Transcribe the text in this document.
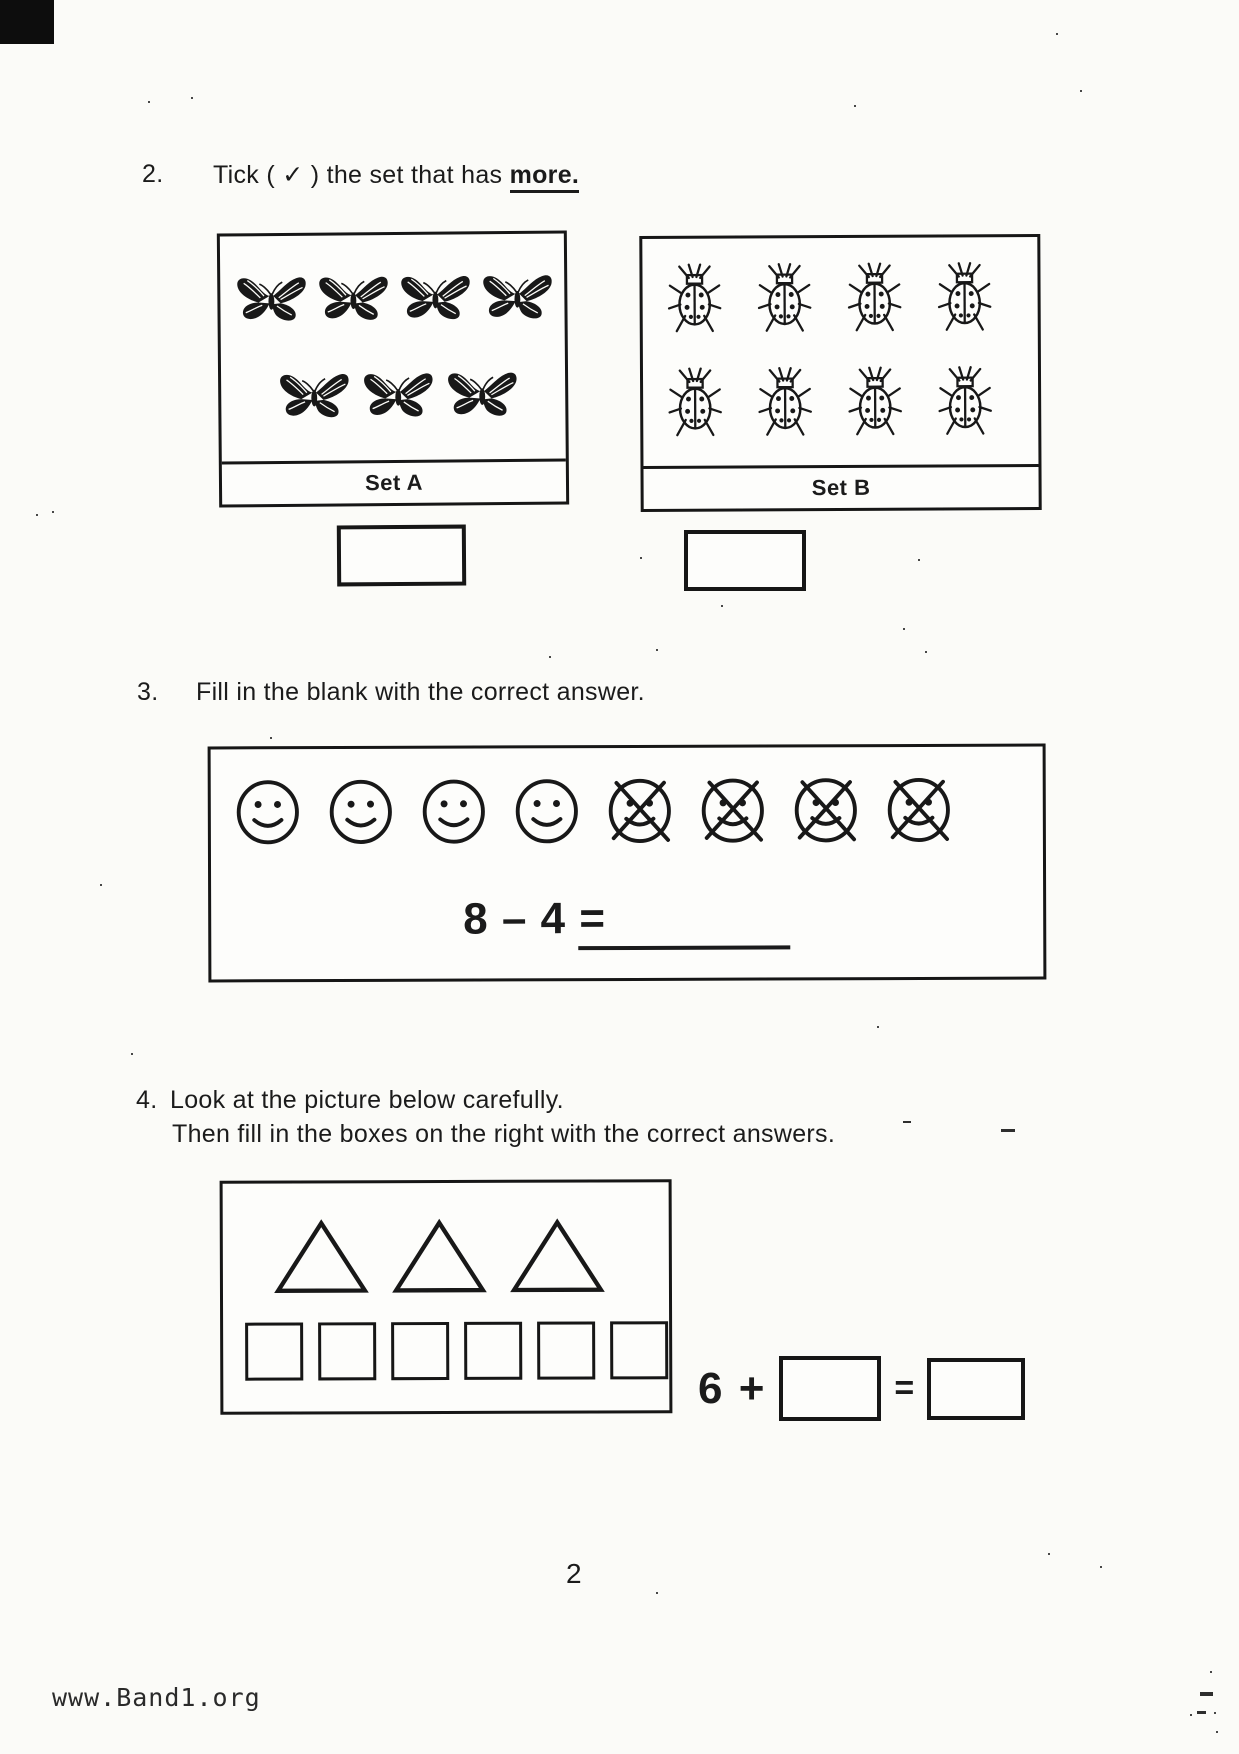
2. Tick ( ✓ ) the set that has more.
Set A	Set B
3. Fill in the blank with the correct answer.
8 – 4 =
4. Look at the picture below carefully.
Then fill in the boxes on the right with the correct answers.
6 +	=
2
www.Band1.org
